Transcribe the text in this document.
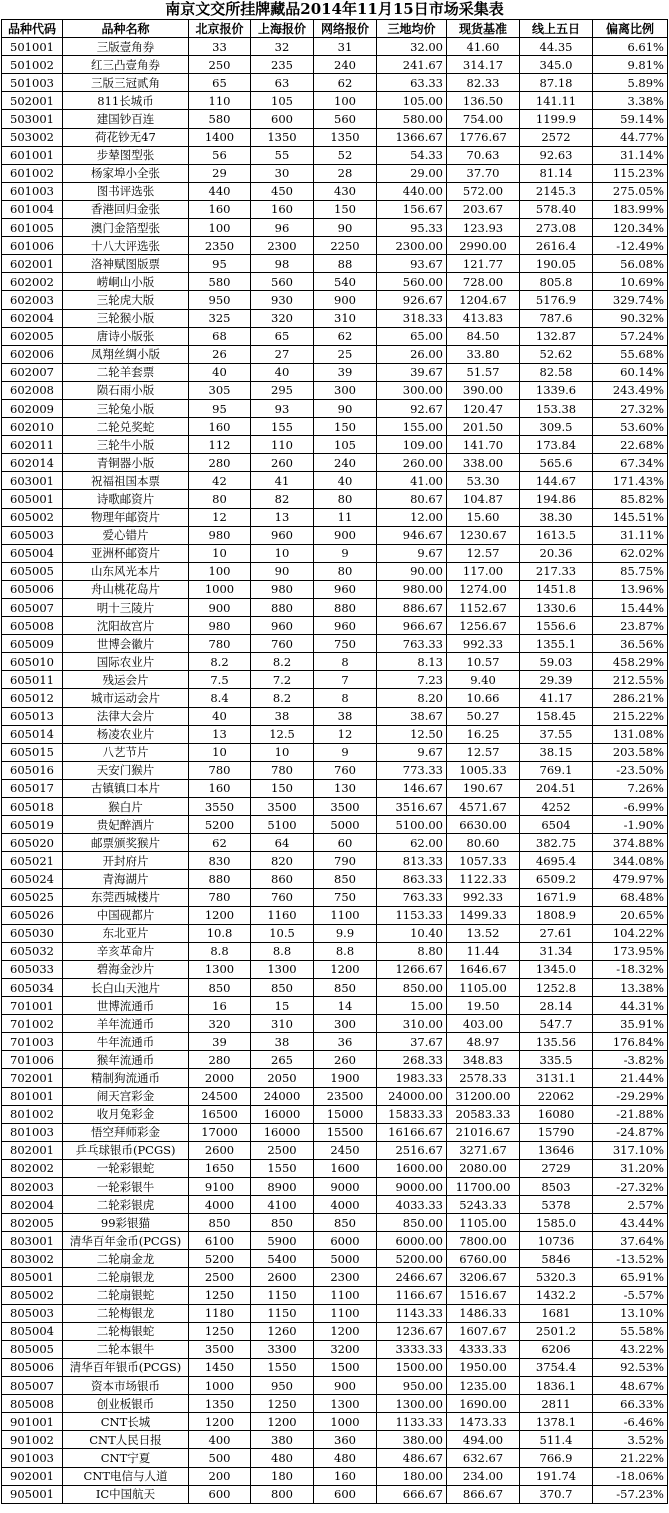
南京文交所挂牌藏品2014年11月15日市场采集表
品种代码	品种名称	北京报价	上海报价	网络报价	三地均价	现货基准	线上五日	偏离比例
501001	三版壹角券	33	32	31	32.00	41.60	44.35	6.61%
501002	红三凸壹角券	250	235	240	241.67	314.17	345.0	9.81%
501003	三版三冠贰角	65	63	62	63.33	82.33	87.18	5.89%
502001	811长城币	110	105	100	105.00	136.50	141.11	3.38%
503001	建国钞百连	580	600	560	580.00	754.00	1199.9	59.14%
503002	荷花钞无47	1400	1350	1350	1366.67	1776.67	2572	44.77%
601001	步辇图型张	56	55	52	54.33	70.63	92.63	31.14%
601002	杨家埠小全张	29	30	28	29.00	37.70	81.14	115.23%
601003	图书评选张	440	450	430	440.00	572.00	2145.3	275.05%
601004	香港回归金张	160	160	150	156.67	203.67	578.40	183.99%
601005	澳门金箔型张	100	96	90	95.33	123.93	273.08	120.34%
601006	十八大评选张	2350	2300	2250	2300.00	2990.00	2616.4	-12.49%
602001	洛神赋图版票	95	98	88	93.67	121.77	190.05	56.08%
602002	崂峒山小版	580	560	540	560.00	728.00	805.8	10.69%
602003	三轮虎大版	950	930	900	926.67	1204.67	5176.9	329.74%
602004	三轮猴小版	325	320	310	318.33	413.83	787.6	90.32%
602005	唐诗小版张	68	65	62	65.00	84.50	132.87	57.24%
602006	凤翔丝绸小版	26	27	25	26.00	33.80	52.62	55.68%
602007	二轮羊套票	40	40	39	39.67	51.57	82.58	60.14%
602008	陨石雨小版	305	295	300	300.00	390.00	1339.6	243.49%
602009	三轮兔小版	95	93	90	92.67	120.47	153.38	27.32%
602010	二轮兑奖蛇	160	155	150	155.00	201.50	309.5	53.60%
602011	三轮牛小版	112	110	105	109.00	141.70	173.84	22.68%
602014	青铜器小版	280	260	240	260.00	338.00	565.6	67.34%
603001	祝福祖国本票	42	41	40	41.00	53.30	144.67	171.43%
605001	诗歌邮资片	80	82	80	80.67	104.87	194.86	85.82%
605002	物理年邮资片	12	13	11	12.00	15.60	38.30	145.51%
605003	爱心错片	980	960	900	946.67	1230.67	1613.5	31.11%
605004	亚洲杯邮资片	10	10	9	9.67	12.57	20.36	62.02%
605005	山东风光本片	100	90	80	90.00	117.00	217.33	85.75%
605006	舟山桃花岛片	1000	980	960	980.00	1274.00	1451.8	13.96%
605007	明十三陵片	900	880	880	886.67	1152.67	1330.6	15.44%
605008	沈阳故宫片	980	960	960	966.67	1256.67	1556.6	23.87%
605009	世博会徽片	780	760	750	763.33	992.33	1355.1	36.56%
605010	国际农业片	8.2	8.2	8	8.13	10.57	59.03	458.29%
605011	残运会片	7.5	7.2	7	7.23	9.40	29.39	212.55%
605012	城市运动会片	8.4	8.2	8	8.20	10.66	41.17	286.21%
605013	法律大会片	40	38	38	38.67	50.27	158.45	215.22%
605014	杨凌农业片	13	12.5	12	12.50	16.25	37.55	131.08%
605015	八艺节片	10	10	9	9.67	12.57	38.15	203.58%
605016	天安门猴片	780	780	760	773.33	1005.33	769.1	-23.50%
605017	古镇镇口本片	160	150	130	146.67	190.67	204.51	7.26%
605018	猴白片	3550	3500	3500	3516.67	4571.67	4252	-6.99%
605019	贵妃醉酒片	5200	5100	5000	5100.00	6630.00	6504	-1.90%
605020	邮票颁奖猴片	62	64	60	62.00	80.60	382.75	374.88%
605021	开封府片	830	820	790	813.33	1057.33	4695.4	344.08%
605024	青海湖片	880	860	850	863.33	1122.33	6509.2	479.97%
605025	东莞西城楼片	780	760	750	763.33	992.33	1671.9	68.48%
605026	中国砚都片	1200	1160	1100	1153.33	1499.33	1808.9	20.65%
605030	东北亚片	10.8	10.5	9.9	10.40	13.52	27.61	104.22%
605032	辛亥革命片	8.8	8.8	8.8	8.80	11.44	31.34	173.95%
605033	碧海金沙片	1300	1300	1200	1266.67	1646.67	1345.0	-18.32%
605034	长白山天池片	850	850	850	850.00	1105.00	1252.8	13.38%
701001	世博流通币	16	15	14	15.00	19.50	28.14	44.31%
701002	羊年流通币	320	310	300	310.00	403.00	547.7	35.91%
701003	牛年流通币	39	38	36	37.67	48.97	135.56	176.84%
701006	猴年流通币	280	265	260	268.33	348.83	335.5	-3.82%
702001	精制狗流通币	2000	2050	1900	1983.33	2578.33	3131.1	21.44%
801001	闹天宫彩金	24500	24000	23500	24000.00	31200.00	22062	-29.29%
801002	收月兔彩金	16500	16000	15000	15833.33	20583.33	16080	-21.88%
801003	悟空拜师彩金	17000	16000	15500	16166.67	21016.67	15790	-24.87%
802001	乒乓球银币(PCGS)	2600	2500	2450	2516.67	3271.67	13646	317.10%
802002	一轮彩银蛇	1650	1550	1600	1600.00	2080.00	2729	31.20%
802003	一轮彩银牛	9100	8900	9000	9000.00	11700.00	8503	-27.32%
802004	二轮彩银虎	4000	4100	4000	4033.33	5243.33	5378	2.57%
802005	99彩银猫	850	850	850	850.00	1105.00	1585.0	43.44%
803001	清华百年金币(PCGS)	6100	5900	6000	6000.00	7800.00	10736	37.64%
803002	二轮扇金龙	5200	5400	5000	5200.00	6760.00	5846	-13.52%
805001	二轮扇银龙	2500	2600	2300	2466.67	3206.67	5320.3	65.91%
805002	二轮扇银蛇	1250	1150	1100	1166.67	1516.67	1432.2	-5.57%
805003	二轮梅银龙	1180	1150	1100	1143.33	1486.33	1681	13.10%
805004	二轮梅银蛇	1250	1260	1200	1236.67	1607.67	2501.2	55.58%
805005	二轮本银牛	3500	3300	3200	3333.33	4333.33	6206	43.22%
805006	清华百年银币(PCGS)	1450	1550	1500	1500.00	1950.00	3754.4	92.53%
805007	资本市场银币	1000	950	900	950.00	1235.00	1836.1	48.67%
805008	创业板银币	1350	1250	1300	1300.00	1690.00	2811	66.33%
901001	CNT长城	1200	1200	1000	1133.33	1473.33	1378.1	-6.46%
901002	CNT人民日报	400	380	360	380.00	494.00	511.4	3.52%
901003	CNT宁夏	500	480	480	486.67	632.67	766.9	21.22%
902001	CNT电信与人道	200	180	160	180.00	234.00	191.74	-18.06%
905001	IC中国航天	600	800	600	666.67	866.67	370.7	-57.23%
